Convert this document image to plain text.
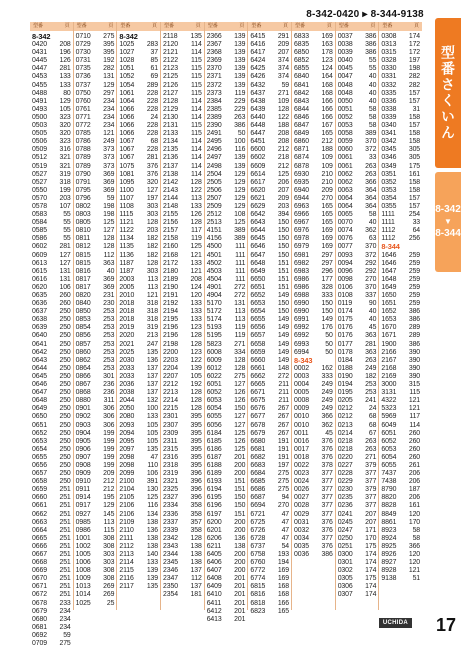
8-342-0420 ▸ 8-344-9138
型番	頁
8-342
0420 208
0431 196
0445 126
0447 281
0453 133
0455 133
0488 80
0491 129
0493 105
0500 323
0503 320
0505 320
0506 323
0509 316
0512 321
0519 321
0527 319
0527 318
0550 199
0570 203
0578 107
0583 55
0584 55
0585 55
0586 55
0602 281
0609 127
0613 127
0615 131
0616 131
0620 106
0635 260
0636 260
0637 250
0638 250
0639 250
0640 250
0641 250
0642 250
0643 250
0644 250
0645 250
0646 250
0647 250
0648 250
0649 250
0650 250
0651 250
0652 250
0653 250
0654 250
0655 250
0656 250
0657 250
0658 250
0659 251
0660 251
0661 251
0662 251
0663 251
0664 251
0665 251
0666 251
0667 251
0668 251
0669 251
0670 251
0671 251
0672 251
0678 233
0679 234
0680 234
0681 234
0692 59
0709 275
型番	頁
0710 275
0729 395
0730 395
0731 192
0735 282
0736 131
0737 129
0750 297
0760 234
0761 234
0771 234
0772 234
0785 121
0786 249
0788 373
0789 373
0789 373
0790 369
0791 369
0795 369
0796 59
0802 198
0803 198
0805 125
0810 127
0811 128
0812 128
0815 112
0815 363
0816 40
0817 369
0817 369
0820 231
0840 230
0850 253
0853 253
0854 253
0856 253
0857 253
0860 253
0862 253
0864 253
0866 301
0867 236
0868 236
0880 311
0901 306
0902 306
0903 306
0904 199
0905 199
0906 199
0907 199
0908 199
0909 209
0910 212
0911 212
0914 195
0917 129
0927 145
0985 113
0986 115
1001 308
1002 308
1005 303
1006 303
1008 308
1009 308
1013 269
1014 269
1025 25
型番	頁
8-342
1025 283
1027 37
1028 85
1051 61
1052 69
1054 289
1061 228
1064 228
1066 228
1066 24
1066 228
1066 228
1067 68
1067 228
1067 281
1075 376
1081 376
1095 320
1100 127
1107 197
1108 303
1115 303
1121 128
1122 203
1134 182
1135 182
1136 182
1187 128
1187 303
2003 113
2005 113
2010 121
2018 318
2018 318
2018 318
2019 319
2020 213
2021 247
2025 135
2030 136
2033 137
2033 137
2036 137
2038 137
2044 132
2050 100
2080 133
2093 105
2094 105
2095 105
2097 135
2098 47
2098 110
2099 106
2100 391
2104 130
2105 125
2106 116
2106 134
2109 138
2110 136
2111 138
2112 138
2113 140
2114 133
2115 139
2116 139
2117 135
型番	頁
2118 135
2120 114
2121 114
2122 115
2123 115
2125 115
2126 115
2127 115
2128 114
2129 114
2130 114
2131 115
2133 115
2134 114
2135 114
2136 114
2137 114
2138 114
2142 128
2143 122
2144 113
2148 133
2155 126
2156 128
2157 117
2158 119
2160 125
2168 121
2172 133
2180 121
2189 208
2190 124
2191 120
2192 133
2194 133
2195 133
2196 123
2196 128
2198 128
2200 123
2203 122
2204 139
2207 105
2212 192
2213 128
2214 128
2215 128
2301 395
2307 395
2309 395
2311 395
2315 395
2316 395
2318 395
2319 396
2321 396
2325 396
2327 396
2334 358
2336 358
2337 357
2339 358
2342 128
2343 138
2344 138
2345 138
2346 137
2347 112
2350 137
2354 181
型番	頁
2366 139
2367 139
2368 139
2369 139
2370 139
2371 139
2372 139
2373 119
2384 229
2385 229
2389 263
2390 386
2491 50
2495 100
2496 116
2497 139
2498 139
2504 129
2505 129
2506 129
2507 129
2509 129
2512 108
2513 125
4151 389
4156 389
4500 111
4501 111
4502 111
4503 111
4504 111
4901 272
4904 272
5170 131
5172 113
5174 113
5193 119
5195 119
5823 271
6008 334
6009 128
6012 128
6022 275
6051 127
6052 126
6053 126
6054 150
6055 127
6056 127
6184 125
6185 126
6186 125
6187 201
6188 200
6189 200
6193 151
6194 151
6195 150
6196 150
6197 151
6200 200
6201 200
6206 136
6211 138
6405 200
6406 200
6407 200
6408 201
6409 201
6410 201
6411 201
6412 201
6413 201
型番	頁
6415 291
6416 209
6417 207
6424 374
6425 374
6426 374
6432 59
6437 271
6438 109
6439 128
6440 122
6448 188
6447 208
6451 208
6600 212
6602 218
6609 212
6614 125
6617 206
6620 207
6621 209
6629 203
6642 394
6643 150
6644 150
6645 150
6646 150
6647 150
6648 151
6649 151
6650 151
6651 151
6652 149
6653 150
6654 150
6655 149
6656 149
6657 149
6658 149
6659 149
6660 149
6661 148
6662 272
6665 211
6671 211
6675 211
6676 267
6677 267
6678 267
6679 267
6680 191
6681 191
6682 191
6683 197
6684 275
6685 275
6686 275
6687 94
6694 270
6721 47
6725 47
6726 47
6728 47
6737 54
6758 193
6760 194
6772 169
6774 169
6815 168
6816 168
6818 166
6823 165
型番	頁
6833 169
6835 163
6850 178
6852 123
6855 124
6840 164
6841 168
6842 168
6843 166
6844 166
6846 166
6847 167
6849 165
6860 212
6871 188
6874 109
6878 109
6930 210
6935 210
6940 209
6944 270
6963 165
6966 165
6967 165
6976 169
6978 169
6979 169
6981 297
6982 297
6983 296
6986 177
6986 328
6988 333
6990 150
6990 150
6991 149
6992 176
6992 50
6993 50
6994 50
8-343
0002 162
0003 333
0004 249
0005 249
0008 249
0009 249
0010 366
0010 362
0011 45
0016 376
0017 376
0018 376
0022 378
0023 377
0024 377
0026 377
0027 377
0028 377
0029 377
0031 376
0032 376
0034 377
0035 376
0036 386
型番	頁
0037 386
0038 386
0039 386
0040 55
0045 55
0047 40
0048 40
0048 40
0050 40
0051 58
0052 58
0053 58
0058 389
0059 370
0060 372
0061 33
0061 263
0062 263
0062 366
0063 364
0064 364
0064 364
0065 58
0070 40
0074 362
0076 63
0077 370
0093 372
0094 292
0096 292
0098 270
0106 370
0108 337
0119 90
0174 40
0175 40
0176 45
0176 363
0177 281
0178 363
0184 263
0188 249
0190 182
0194 253
0195 253
0205 241
0212 24
0212 68
0213 68
0214 67
0218 263
0218 263
0220 271
0227 379
0228 377
0229 377
0230 379
0235 377
0236 377
0241 207
0245 207
0247 171
0250 170
0251 175
0300 174
0301 174
0302 174
0305 175
0306 174
0307 174
型番	頁
0308 174
0313 172
0315 172
0328 197
0330 198
0331 282
0332 282
0335 157
0336 157
0338 31
0339 158
0340 157
0341 158
0342 158
0345 305
0346 305
0349 175
0351 161
0352 158
0353 158
0354 157
0355 157
1111 254
1111	33
1112	64
1112 256
8-344
1646 259
1646 259
1647 259
1648 259
1649 259
1650 259
1651 259
1652 386
1653 386
1670 289
1671 289
1900 386
2166 390
2167 390
2168 390
2169 390
3000 315
3131 115
4322 121
5323 121
5969 117
6049 114
6051 260
6052 260
6053 260
6054 260
6055 261
7437 206
7438 206
8790 187
8820 206
8828 161
8849 120
8861 170
8923 58
8924 58
8925 366
8926 120
8927 120
8928 121
9138 51
型番さくいん
8-342
▼
8-344
UCHIDA 17
